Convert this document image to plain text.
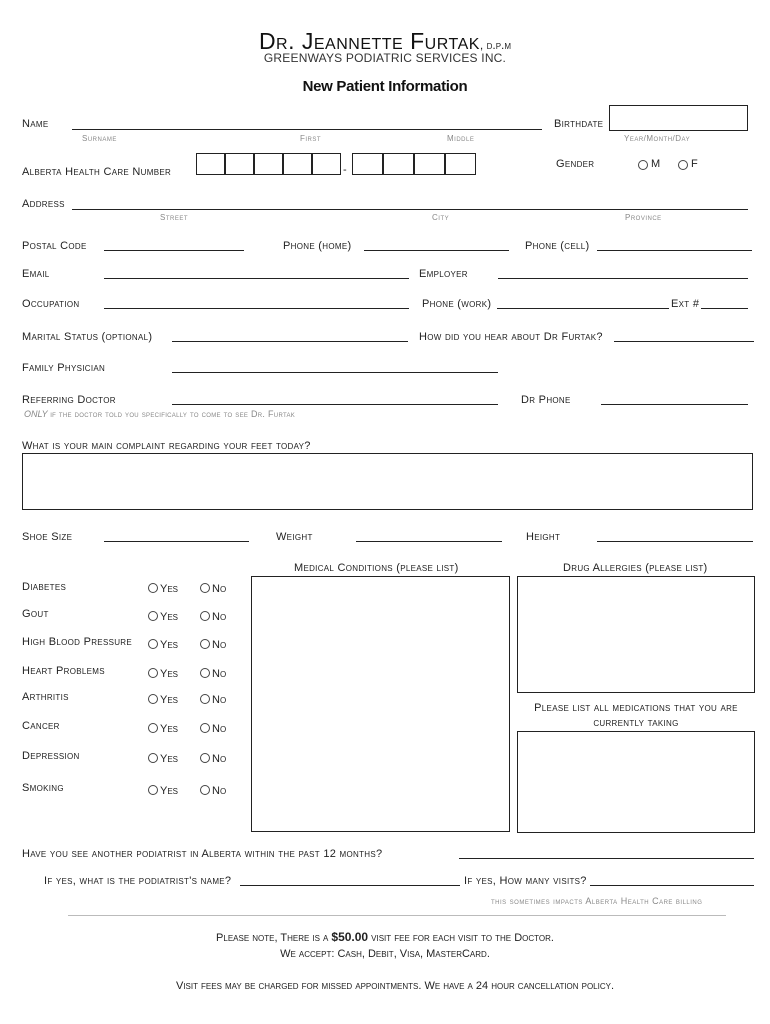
Dr. Jeannette Furtak, d.p.m
GREENWAYS PODIATRIC SERVICES INC.
New Patient Information
Name
Surname	First	Middle
Birthdate
Year/Month/Day
Alberta Health Care Number	-	Gender	M	F
Address
Street	City	Province
Postal Code	Phone (home)	Phone (cell)
Email	Employer
Occupation	Phone (work)	Ext #
Marital Status (optional)	How did you hear about Dr Furtak?
Family Physician
Referring Doctor
ONLY if the doctor told you specifically to come to see Dr. Furtak
Dr Phone
What is your main complaint regarding your feet today?
Shoe Size	Weight	Height
Medical Conditions (please list)	Drug Allergies (please list)
Please list all medications that you are
currently taking
Diabetes	Yes	No
Gout	Yes	No
High Blood Pressure	Yes	No
Heart Problems	Yes	No
Arthritis	Yes	No
Cancer	Yes	No
Depression	Yes	No
Smoking	Yes	No
Have you see another podiatrist in Alberta within the past 12 months?
If yes, what is the podiatrist's name?	If yes, How many visits?
this sometimes impacts Alberta Health Care billing
Please note, There is a $50.00 visit fee for each visit to the Doctor.
We accept: Cash, Debit, Visa, MasterCard.
Visit fees may be charged for missed appointments. We have a 24 hour cancellation policy.
